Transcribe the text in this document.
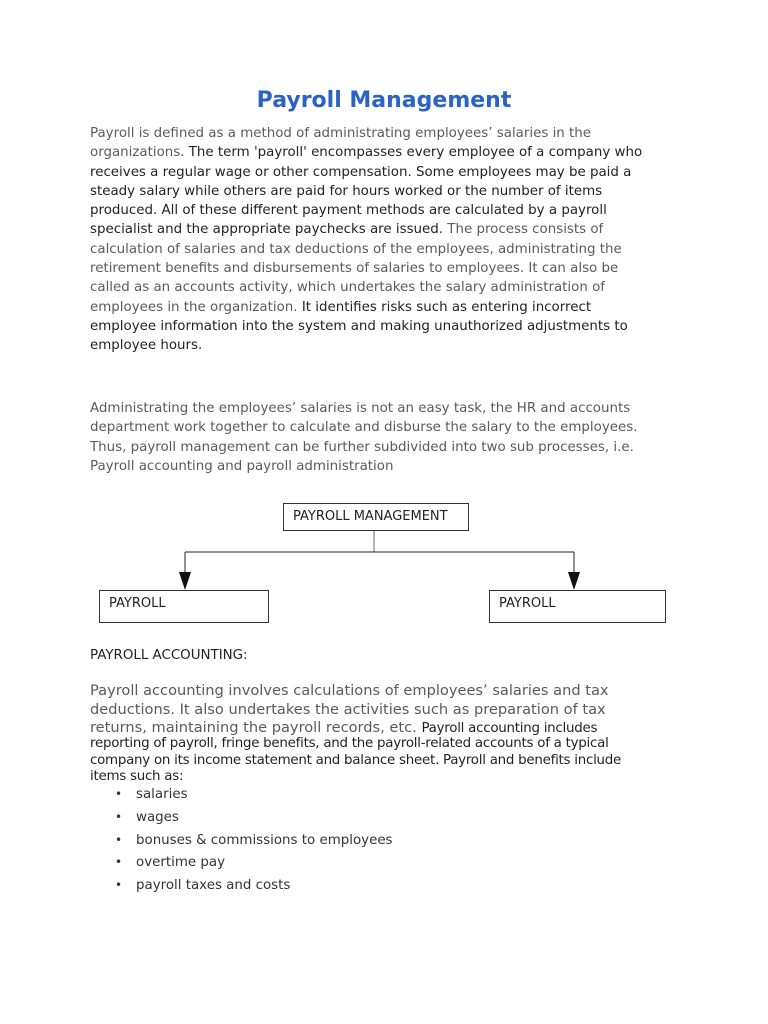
Payroll Management
Payroll is defined as a method of administrating employees’ salaries in the
organizations. The term 'payroll' encompasses every employee of a company who
receives a regular wage or other compensation. Some employees may be paid a
steady salary while others are paid for hours worked or the number of items
produced. All of these different payment methods are calculated by a payroll
specialist and the appropriate paychecks are issued. The process consists of
calculation of salaries and tax deductions of the employees, administrating the
retirement benefits and disbursements of salaries to employees. It can also be
called as an accounts activity, which undertakes the salary administration of
employees in the organization. It identifies risks such as entering incorrect
employee information into the system and making unauthorized adjustments to
employee hours.
Administrating the employees’ salaries is not an easy task, the HR and accounts
department work together to calculate and disburse the salary to the employees.
Thus, payroll management can be further subdivided into two sub processes, i.e.
Payroll accounting and payroll administration
PAYROLL MANAGEMENT
PAYROLL	PAYROLL
PAYROLL ACCOUNTING:
Payroll accounting involves calculations of employees’ salaries and tax
deductions. It also undertakes the activities such as preparation of tax
returns, maintaining the payroll records, etc. Payroll accounting includes
reporting of payroll, fringe benefits, and the payroll-related accounts of a typical
company on its income statement and balance sheet. Payroll and benefits include
items such as:
• salaries
• wages
• bonuses & commissions to employees
• overtime pay
• payroll taxes and costs
